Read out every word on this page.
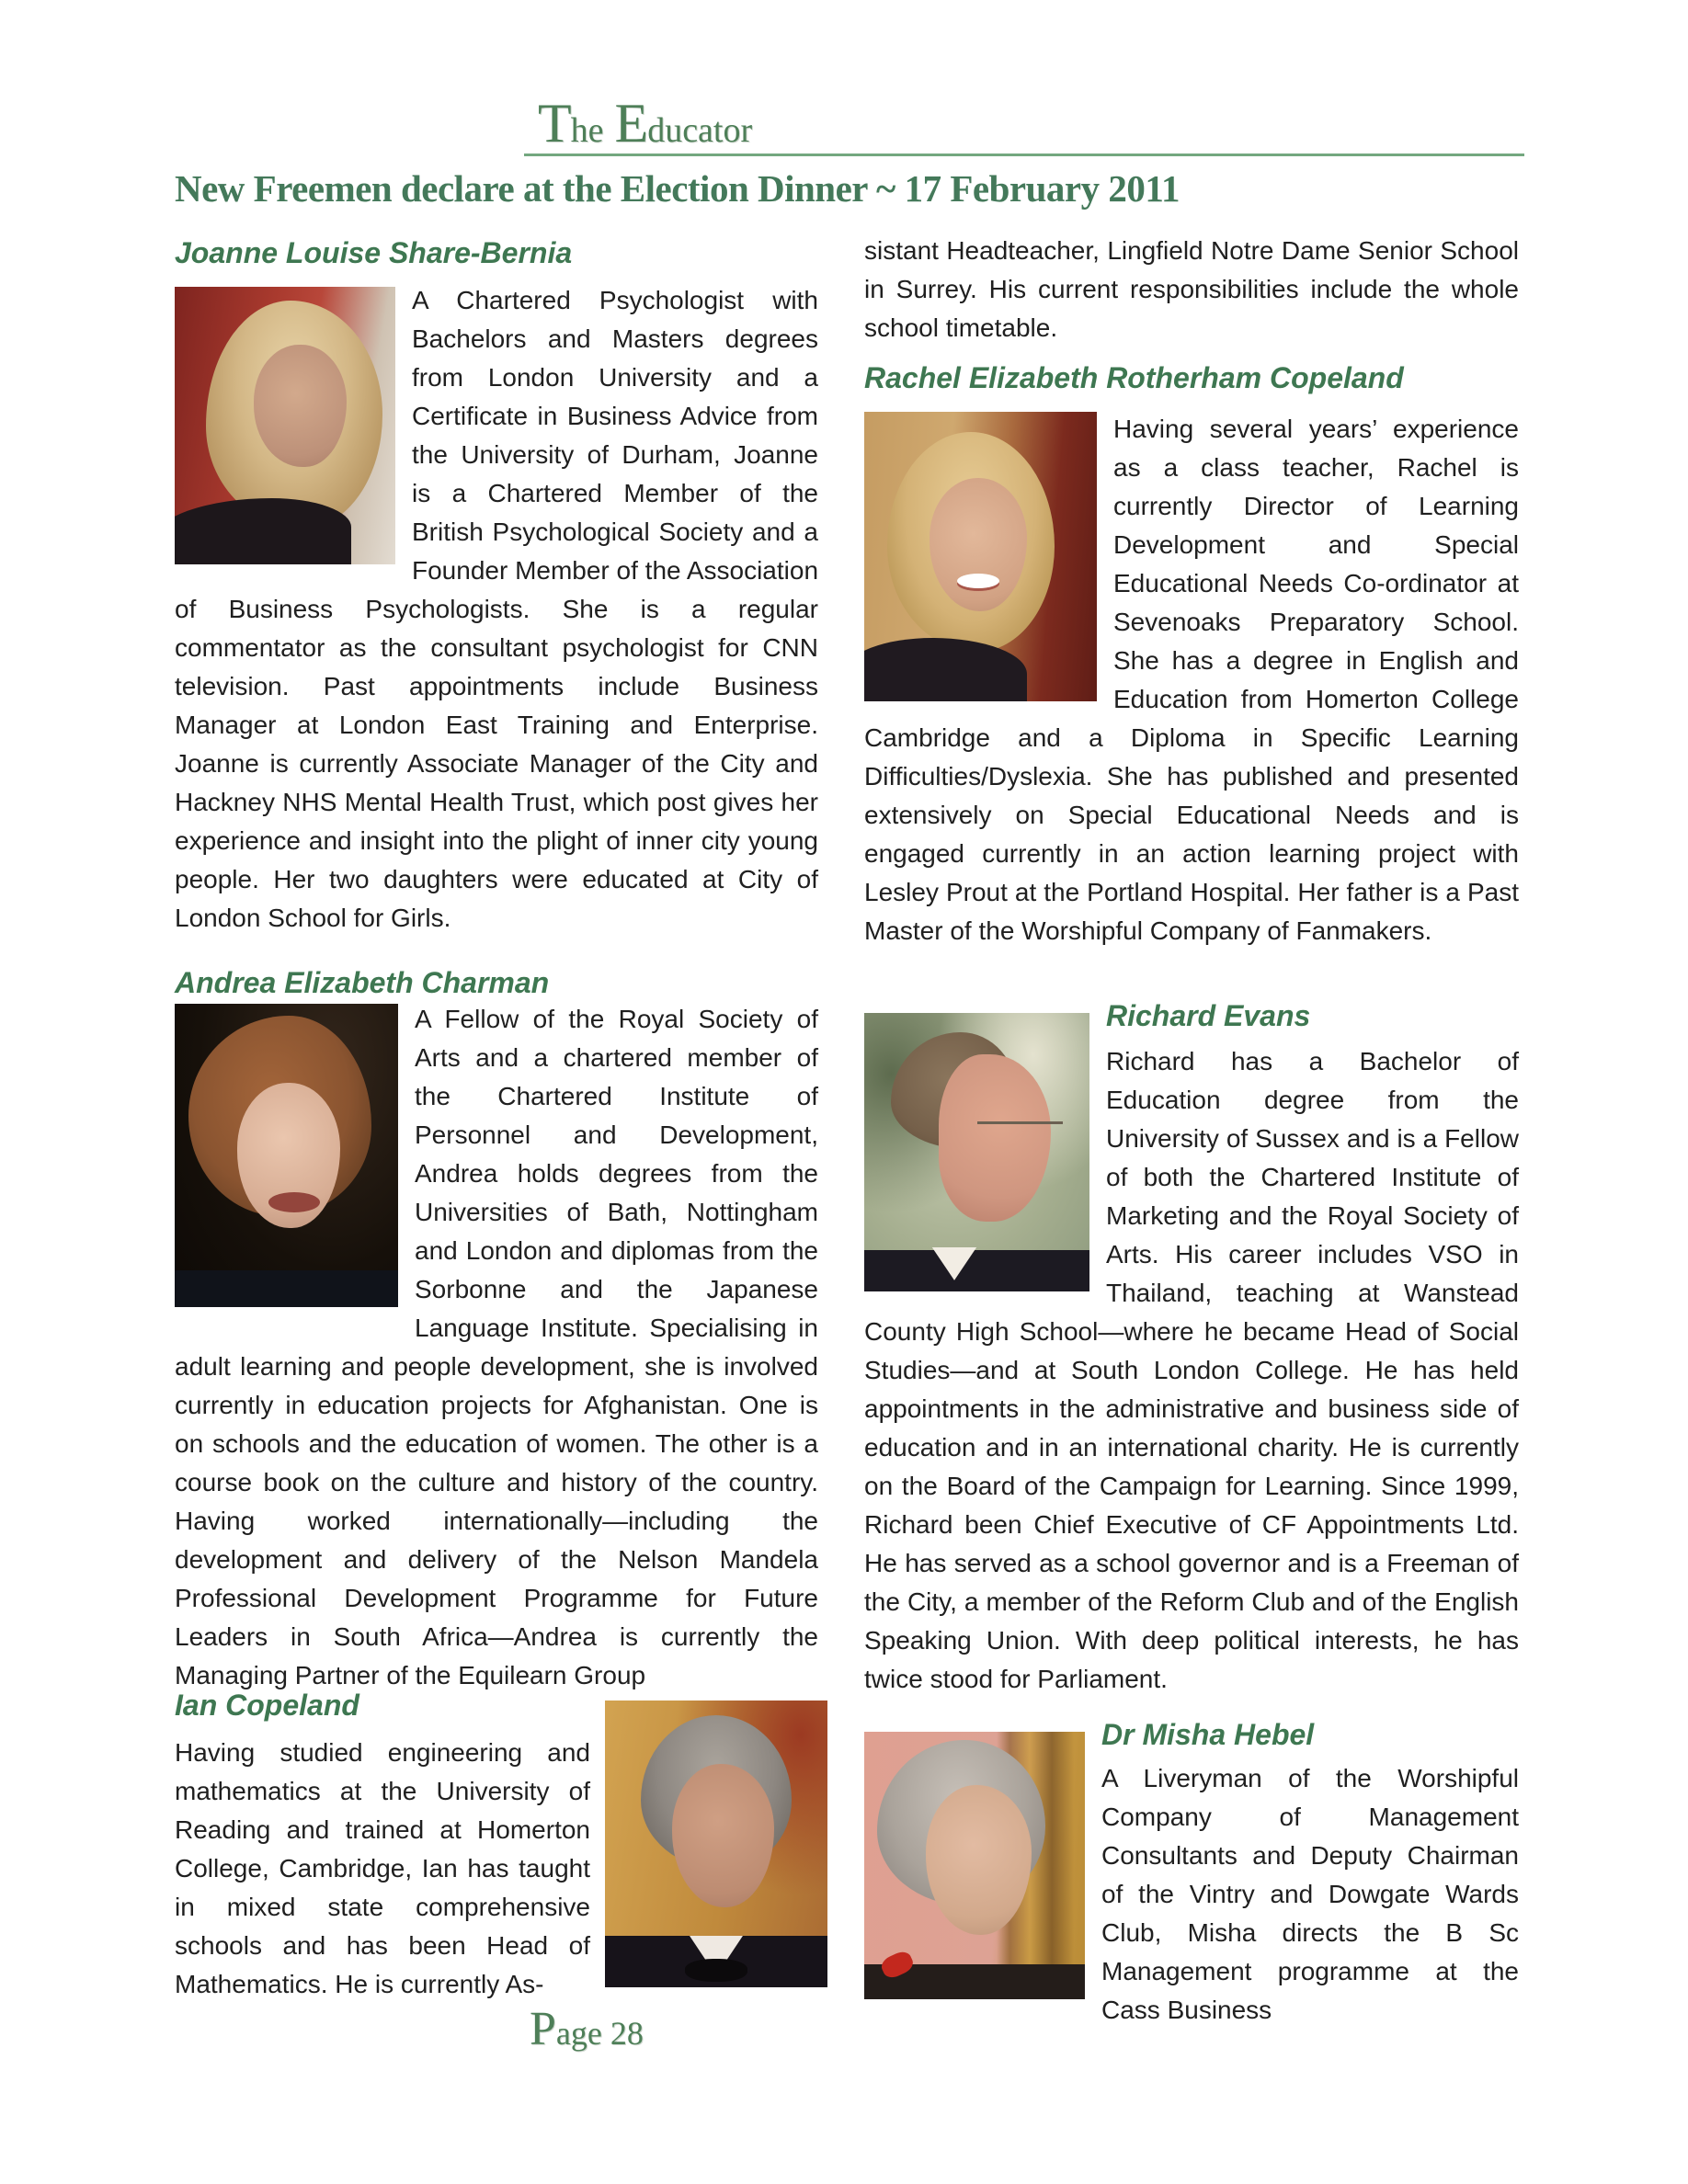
The Educator
New Freemen declare at the Election Dinner ~ 17 February 2011
Joanne Louise Share-Bernia

A Chartered Psychologist with Bachelors and Masters degrees from London University and a Certificate in Business Advice from the University of Durham, Joanne is a Chartered Member of the British Psychological Society and a Founder Member of the Association of Business Psychologists. She is a regular commentator as the consultant psychologist for CNN television. Past appointments include Business Manager at London East Training and Enterprise. Joanne is currently Associate Manager of the City and Hackney NHS Mental Health Trust, which post gives her experience and insight into the plight of inner city young people. Her two daughters were educated at City of London School for Girls.

Andrea Elizabeth Charman

A Fellow of the Royal Society of Arts and a chartered member of the Chartered Institute of Personnel and Development, Andrea holds degrees from the Universities of Bath, Nottingham and London and diplomas from the Sorbonne and the Japanese Language Institute. Specialising in adult learning and people development, she is involved currently in education projects for Afghanistan. One is on schools and the education of women. The other is a course book on the culture and history of the country. Having worked internationally—including the development and delivery of the Nelson Mandela Professional Development Programme for Future Leaders in South Africa—Andrea is currently the Managing Partner of the Equilearn Group

Ian Copeland

Having studied engineering and mathematics at the University of Reading and trained at Homerton College, Cambridge, Ian has taught in mixed state comprehensive schools and has been Head of Mathematics. He is currently As-

sistant Headteacher, Lingfield Notre Dame Senior School in Surrey. His current responsibilities include the whole school timetable.

Rachel Elizabeth Rotherham Copeland

Having several years’ experience as a class teacher, Rachel is currently Director of Learning Development and Special Educational Needs Co-ordinator at Sevenoaks Preparatory School. She has a degree in English and Education from Homerton College Cambridge and a Diploma in Specific Learning Difficulties/Dyslexia. She has published and presented extensively on Special Educational Needs and is engaged currently in an action learning project with Lesley Prout at the Portland Hospital. Her father is a Past Master of the Worshipful Company of Fanmakers.

Richard Evans

Richard has a Bachelor of Education degree from the University of Sussex and is a Fellow of both the Chartered Institute of Marketing and the Royal Society of Arts. His career includes VSO in Thailand, teaching at Wanstead County High School—where he became Head of Social Studies—and at South London College. He has held appointments in the administrative and business side of education and in an international charity. He is currently on the Board of the Campaign for Learning. Since 1999, Richard been Chief Executive of CF Appointments Ltd. He has served as a school governor and is a Freeman of the City, a member of the Reform Club and of the English Speaking Union. With deep political interests, he has twice stood for Parliament.

Dr Misha Hebel

A Liveryman of the Worshipful Company of Management Consultants and Deputy Chairman of the Vintry and Dowgate Wards Club, Misha directs the B Sc Management programme at the Cass Business

Page 28
